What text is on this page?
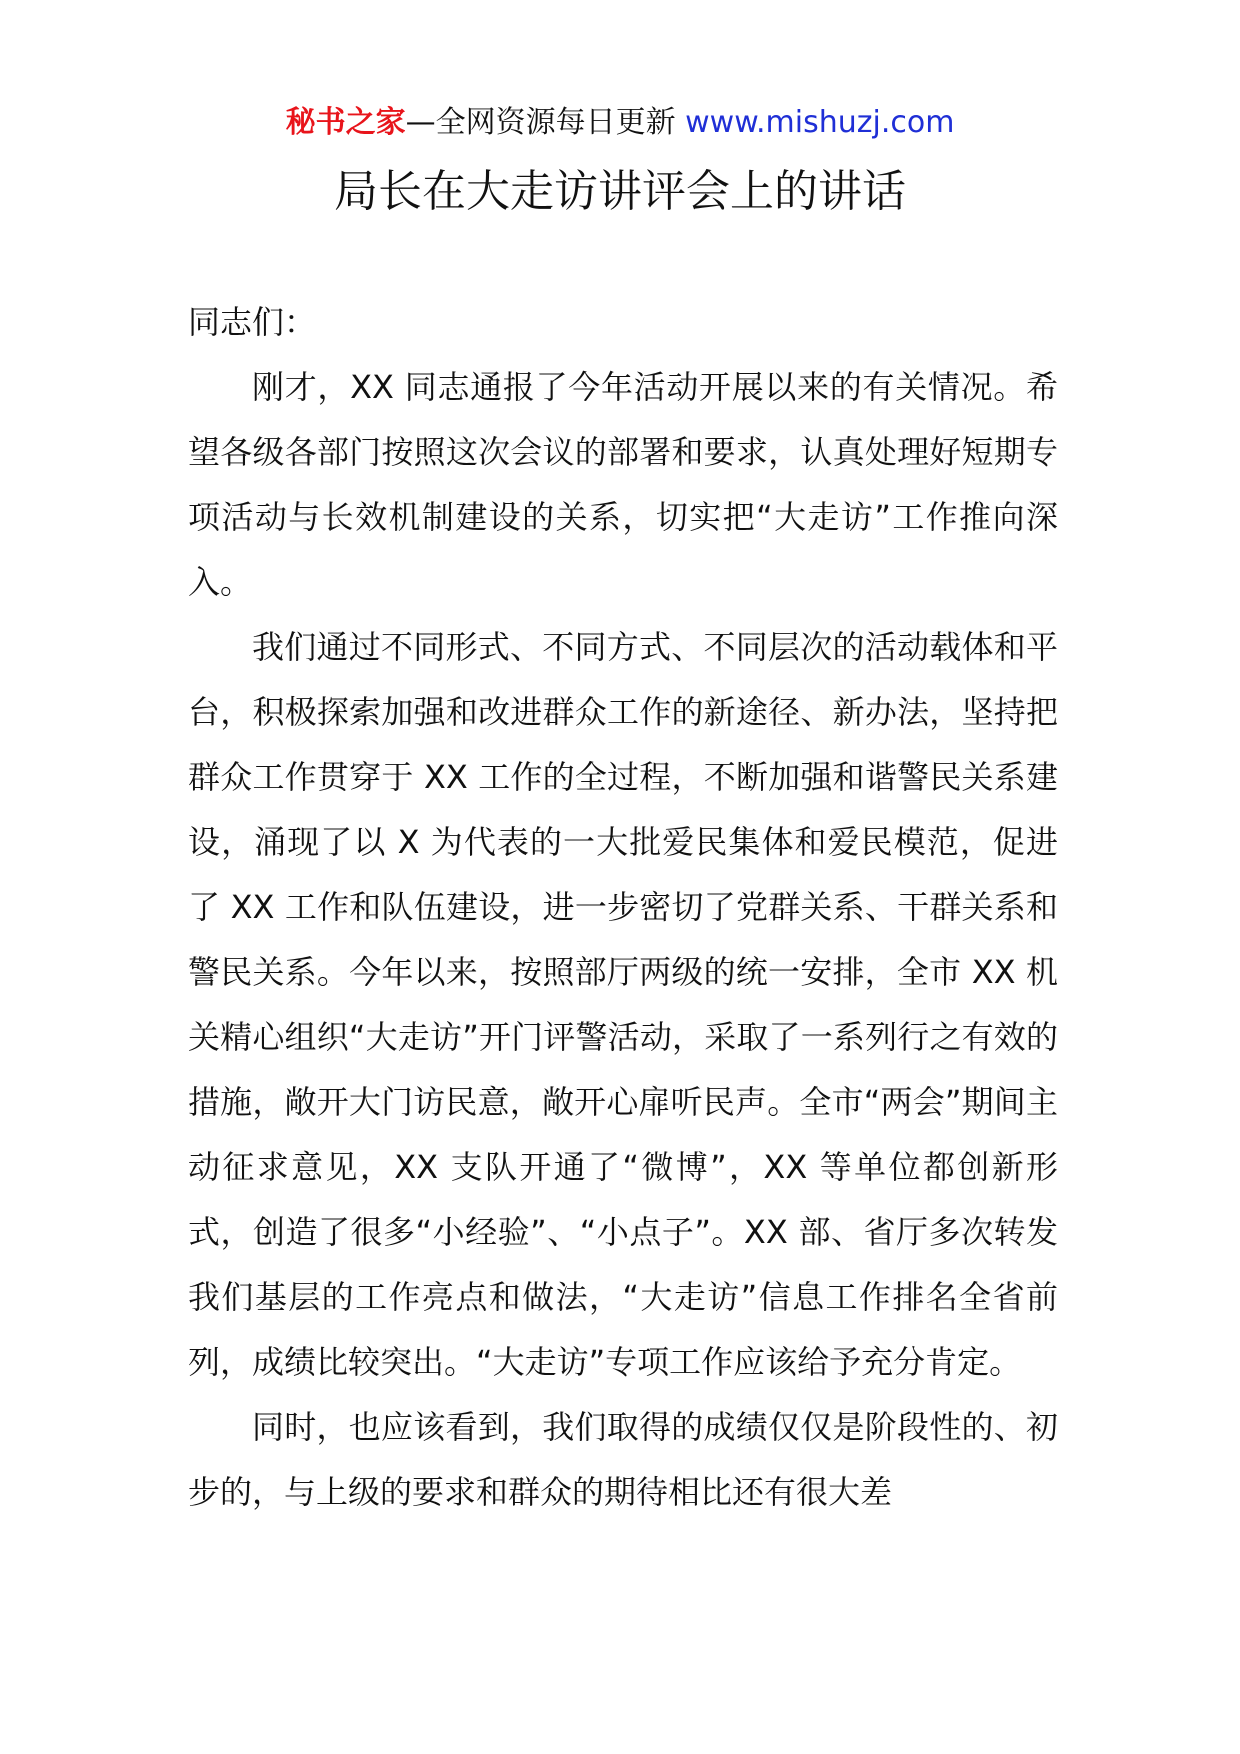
秘书之家—全网资源每日更新 www.mishuzj.com
局长在大走访讲评会上的讲话

同志们：

刚才，XX 同志通报了今年活动开展以来的有关情况。希望各级各部门按照这次会议的部署和要求，认真处理好短期专项活动与长效机制建设的关系，切实把“大走访”工作推向深入。

我们通过不同形式、不同方式、不同层次的活动载体和平台，积极探索加强和改进群众工作的新途径、新办法，坚持把群众工作贯穿于 XX 工作的全过程，不断加强和谐警民关系建设，涌现了以 X 为代表的一大批爱民集体和爱民模范，促进了 XX 工作和队伍建设，进一步密切了党群关系、干群关系和警民关系。今年以来，按照部厅两级的统一安排，全市 XX 机关精心组织“大走访”开门评警活动，采取了一系列行之有效的措施，敞开大门访民意，敞开心扉听民声。全市“两会”期间主动征求意见，XX 支队开通了“微博”，XX 等单位都创新形式，创造了很多“小经验”、“小点子”。XX 部、省厅多次转发我们基层的工作亮点和做法，“大走访”信息工作排名全省前列，成绩比较突出。“大走访”专项工作应该给予充分肯定。

同时，也应该看到，我们取得的成绩仅仅是阶段性的、初步的，与上级的要求和群众的期待相比还有很大差
